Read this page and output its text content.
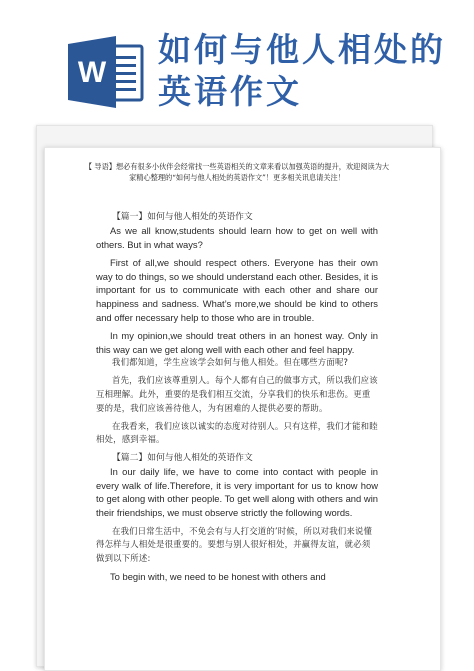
W
如何与他人相处的
英语作文

【 导语】想必有很多小伙伴会经常找一些英语相关的文章来看以加强英语的提升，欢迎阅读为大家精心整理的“如何与他人相处的英语作文”！更多相关讯息请关注！

【篇一】如何与他人相处的英语作文

As we all know,students should learn how to get on well with others. But in what ways?

First of all,we should respect others. Everyone has their own way to do things, so we should understand each other. Besides, it is important for us to communicate with each other and share our happiness and sadness. What’s more,we should be kind to others and offer necessary help to those who are in trouble.

In my opinion,we should treat others in an honest way. Only in this way can we get along well with each other and feel happy.

我们都知道，学生应该学会如何与他人相处。但在哪些方面呢?

首先，我们应该尊重别人。每个人都有自己的做事方式，所以我们应该互相理解。此外，重要的是我们相互交流，分享我们的快乐和悲伤。更重要的是，我们应该善待他人，为有困难的人提供必要的帮助。

在我看来，我们应该以诚实的态度对待别人。只有这样，我们才能和睦相处，感到幸福。

【篇二】如何与他人相处的英语作文

In our daily life, we have to come into contact with people in every walk of life.Therefore, it is very important for us to know how to get along with other people. To get well along with others and win their friendships, we must observe strictly the following words.

在我们日常生活中，不免会有与人打交道的’时候，所以对我们来说懂得怎样与人相处是很重要的。要想与别人很好相处，并赢得友谊，就必须做到以下所述:

To begin with, we need to be honest with others and
